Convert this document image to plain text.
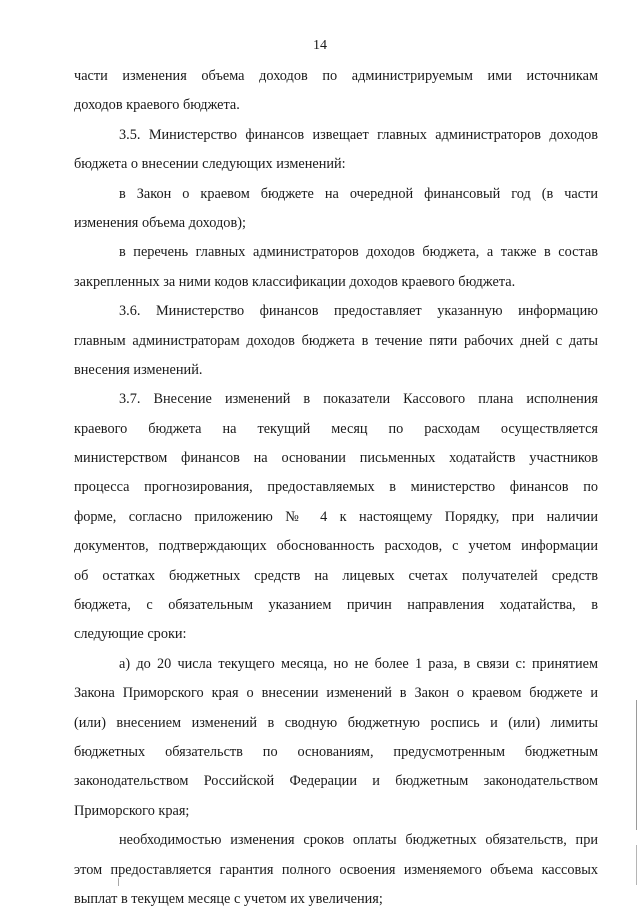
14
части изменения объема доходов по администрируемым ими источникам
доходов краевого бюджета.
3.5. Министерство финансов извещает главных администраторов доходов
бюджета о внесении следующих изменений:
в Закон о краевом бюджете на очередной финансовый год (в части
изменения объема доходов);
в перечень главных администраторов доходов бюджета, а также в состав
закрепленных за ними кодов классификации доходов краевого бюджета.
3.6. Министерство финансов предоставляет указанную информацию
главным администраторам доходов бюджета в течение пяти рабочих дней с даты
внесения изменений.
3.7. Внесение изменений в показатели Кассового плана исполнения
краевого бюджета на текущий месяц по расходам осуществляется
министерством финансов на основании письменных ходатайств участников
процесса прогнозирования, предоставляемых в министерство финансов по
форме, согласно приложению № 4 к настоящему Порядку, при наличии
документов, подтверждающих обоснованность расходов, с учетом информации
об остатках бюджетных средств на лицевых счетах получателей средств
бюджета, с обязательным указанием причин направления ходатайства, в
следующие сроки:
а) до 20 числа текущего месяца, но не более 1 раза, в связи с: принятием
Закона Приморского края о внесении изменений в Закон о краевом бюджете и
(или) внесением изменений в сводную бюджетную роспись и (или) лимиты
бюджетных обязательств по основаниям, предусмотренным бюджетным
законодательством Российской Федерации и бюджетным законодательством
Приморского края;
необходимостью изменения сроков оплаты бюджетных обязательств, при
этом предоставляется гарантия полного освоения изменяемого объема кассовых
выплат в текущем месяце с учетом их увеличения;
